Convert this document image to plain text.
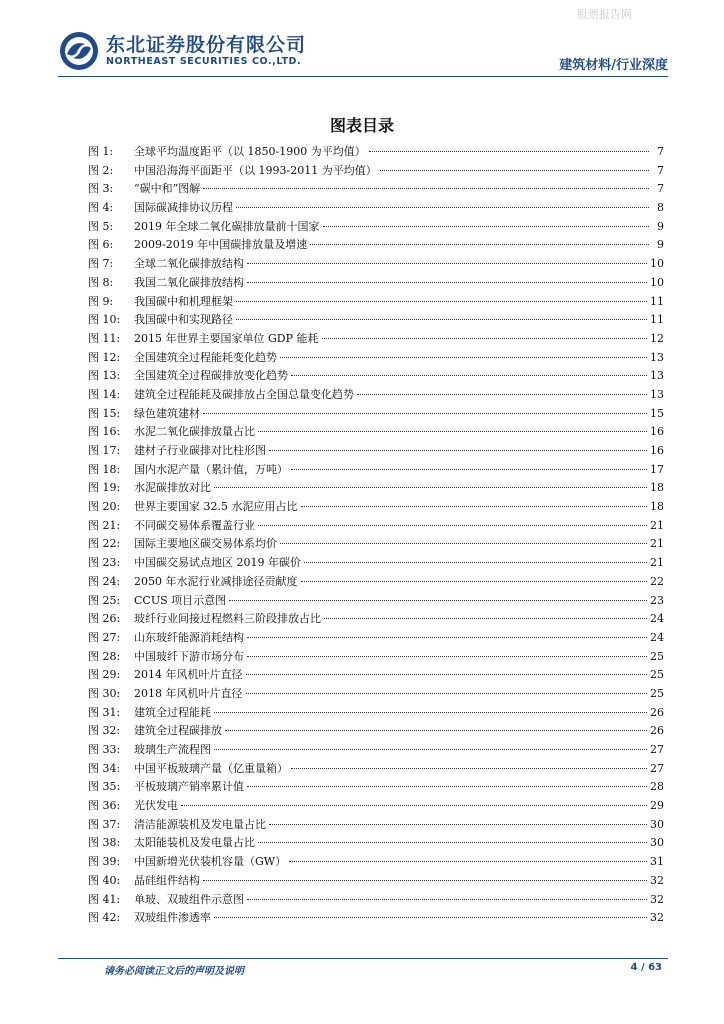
股票报告网
东北证券股份有限公司
NORTHEAST SECURITIES CO.,LTD.	建筑材料/行业深度
图表目录
图 1:	全球平均温度距平（以 1850-1900 为平均值）	7
图 2:	中国沿海海平面距平（以 1993-2011 为平均值）	7
图 3:	“碳中和”图解	7
图 4:	国际碳减排协议历程	8
图 5:	2019 年全球二氧化碳排放量前十国家	9
图 6:	2009-2019 年中国碳排放量及增速	9
图 7:	全球二氧化碳排放结构	10
图 8:	我国二氧化碳排放结构	10
图 9:	我国碳中和机理框架	11
图 10:	我国碳中和实现路径	11
图 11:	2015 年世界主要国家单位 GDP 能耗	12
图 12:	全国建筑全过程能耗变化趋势	13
图 13:	全国建筑全过程碳排放变化趋势	13
图 14:	建筑全过程能耗及碳排放占全国总量变化趋势	13
图 15:	绿色建筑建材	15
图 16:	水泥二氧化碳排放量占比	16
图 17:	建材子行业碳排对比柱形图	16
图 18:	国内水泥产量（累计值，万吨）	17
图 19:	水泥碳排放对比	18
图 20:	世界主要国家 32.5 水泥应用占比	18
图 21:	不同碳交易体系覆盖行业	21
图 22:	国际主要地区碳交易体系均价	21
图 23:	中国碳交易试点地区 2019 年碳价	21
图 24:	2050 年水泥行业减排途径贡献度	22
图 25:	CCUS 项目示意图	23
图 26:	玻纤行业间接过程燃料三阶段排放占比	24
图 27:	山东玻纤能源消耗结构	24
图 28:	中国玻纤下游市场分布	25
图 29:	2014 年风机叶片直径	25
图 30:	2018 年风机叶片直径	25
图 31:	建筑全过程能耗	26
图 32:	建筑全过程碳排放	26
图 33:	玻璃生产流程图	27
图 34:	中国平板玻璃产量（亿重量箱）	27
图 35:	平板玻璃产销率累计值	28
图 36:	光伏发电	29
图 37:	清洁能源装机及发电量占比	30
图 38:	太阳能装机及发电量占比	30
图 39:	中国新增光伏装机容量（GW）	31
图 40:	晶硅组件结构	32
图 41:	单玻、双玻组件示意图	32
图 42:	双玻组件渗透率	32
请务必阅读正文后的声明及说明	4 / 63
